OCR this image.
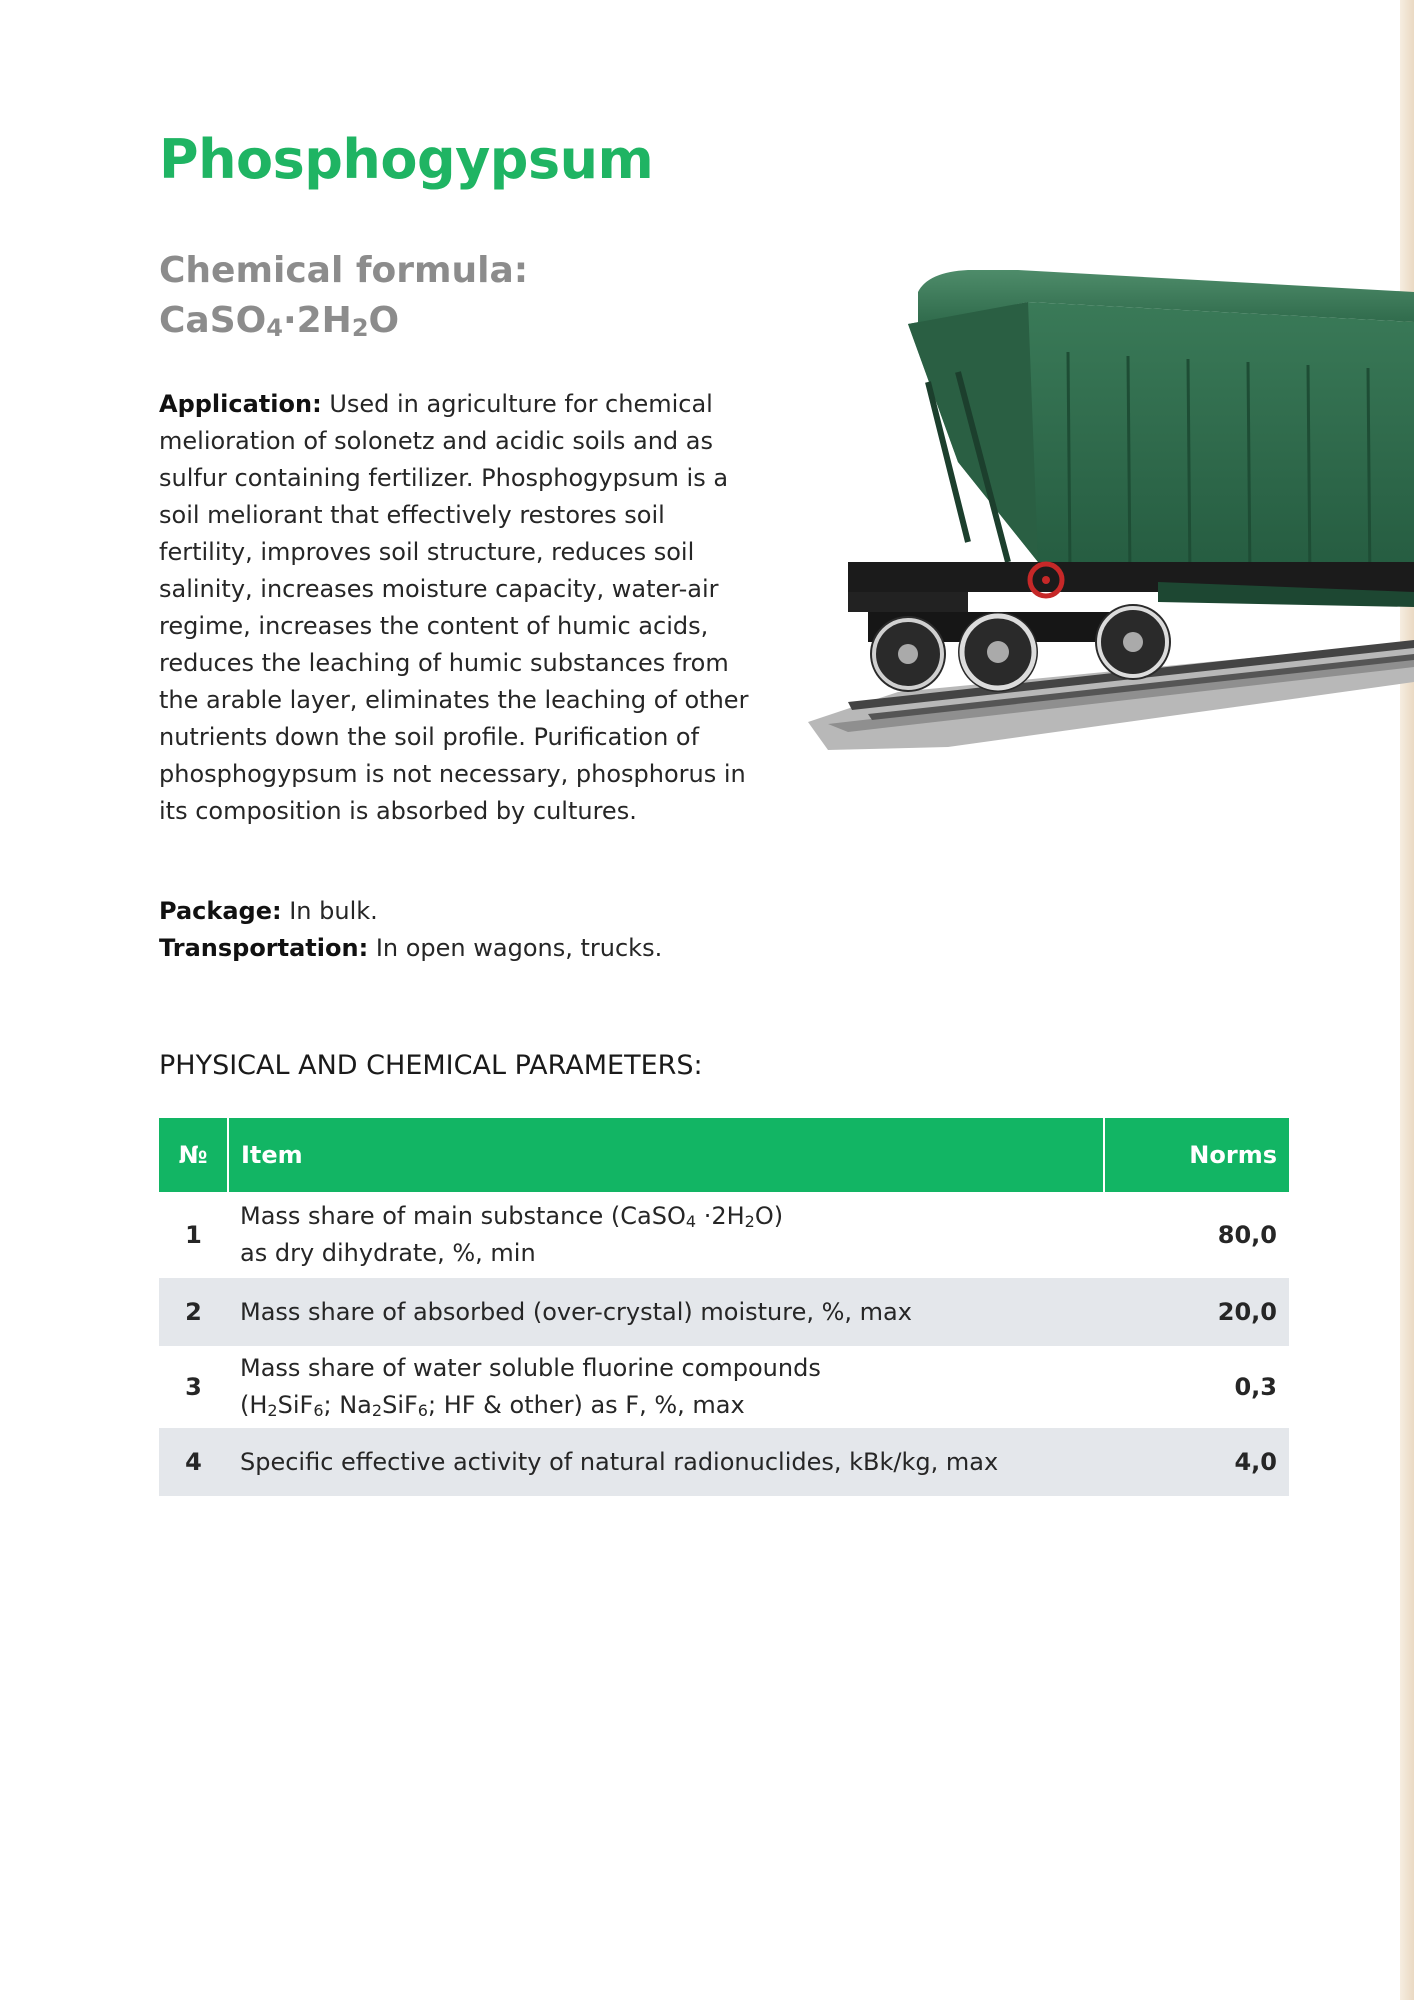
Phosphogypsum
Chemical formula:
$CaSO_4\cdot 2H_2O$

Application: Used in agriculture for chemical melioration of solonetz and acidic soils and as sulfur containing fertilizer. Phosphogypsum is a soil meliorant that effectively restores soil fertility, improves soil structure, reduces soil salinity, increases moisture capacity, water-air regime, increases the content of humic acids, reduces the leaching of humic substances from the arable layer, eliminates the leaching of other nutrients down the soil profile. Purification of phosphogypsum is not necessary, phosphorus in its composition is absorbed by cultures.

Package: In bulk.
Transportation: In open wagons, trucks.
PHYSICAL AND CHEMICAL PARAMETERS:
№	Item	Norms
1	Mass share of main substance (CaSO$_4$ $\cdot 2H_2O$)
as dry dihydrate, %, min	80,0
2	Mass share of absorbed (over-crystal) moisture, %, max	20,0
3	Mass share of water soluble fluorine compounds
($H_2SiF_6$; $Na_2SiF_6$; HF & other) as F, %, max	0,3
4	Specific effective activity of natural radionuclides, kBk/kg, max	4,0
